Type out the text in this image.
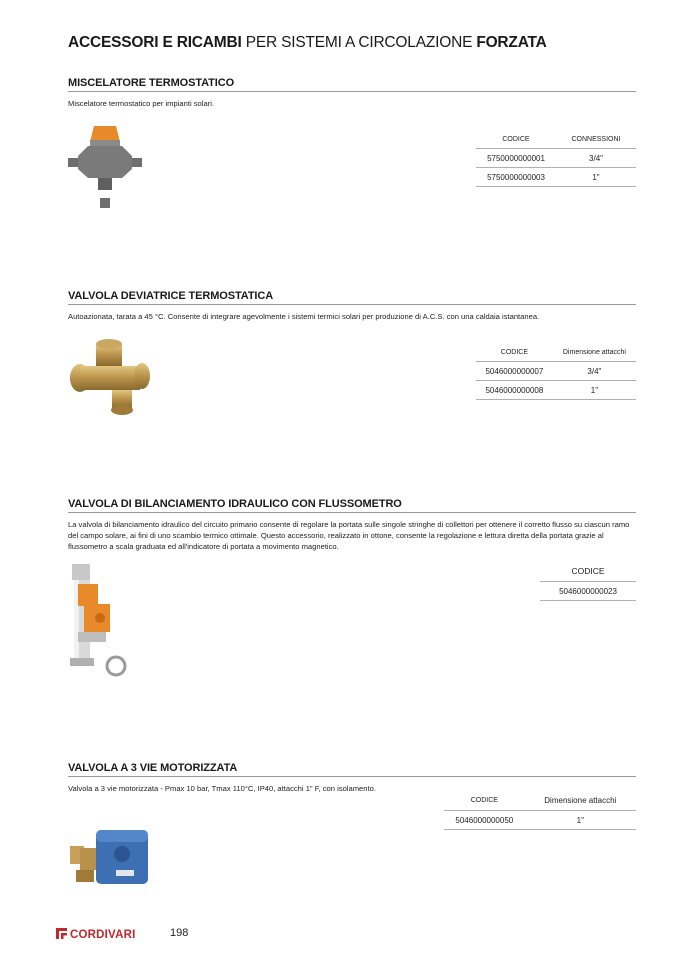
ACCESSORI E RICAMBI PER SISTEMI A CIRCOLAZIONE FORZATA
MISCELATORE TERMOSTATICO
Miscelatore termostatico per impianti solari.
CODICE	CONNESSIONI
5750000000001	3/4"
5750000000003	1"
VALVOLA DEVIATRICE TERMOSTATICA
Autoazionata, tarata a 45 °C. Consente di integrare agevolmente i sistemi termici solari per produzione di A.C.S. con una caldaia istantanea.
CODICE	Dimensione attacchi
5046000000007	3/4"
5046000000008	1"
VALVOLA DI BILANCIAMENTO IDRAULICO CON FLUSSOMETRO
La valvola di bilanciamento idraulico del circuito primario consente di regolare la portata sulle singole stringhe di collettori per ottenere il corretto flusso su ciascun ramo del campo solare, ai fini di uno scambio termico ottimale. Questo accessorio, realizzato in ottone, consente la regolazione e lettura diretta della portata grazie al flussometro a scala graduata ed all'indicatore di portata a movimento magnetico.
CODICE
5046000000023
VALVOLA A 3 VIE MOTORIZZATA
Valvola a 3 vie motorizzata - Pmax 10 bar, Tmax 110°C, IP40, attacchi 1" F, con isolamento.
CODICE	Dimensione attacchi
5046000000050	1"
CORDIVARI	198
